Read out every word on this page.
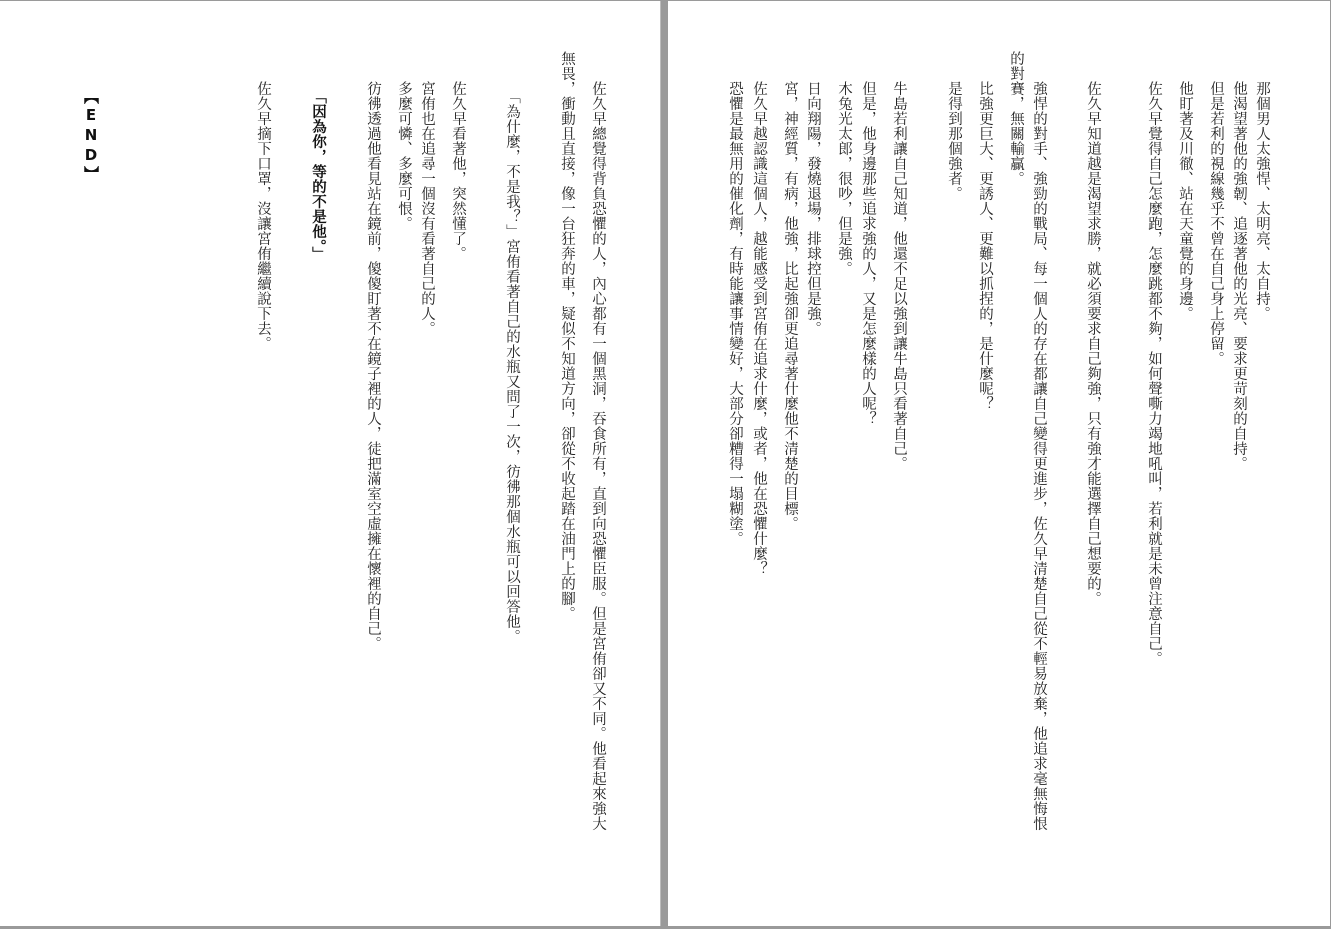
那個男人太強悍、太明亮、太自持。
他渴望著他的強韌、追逐著他的光亮、要求更苛刻的自持。
但是若利的視線幾乎不曾在自己身上停留。
他盯著及川徹、站在天童覺的身邊。
佐久早覺得自己怎麼跑，怎麼跳都不夠，如何聲嘶力竭地吼叫，若利就是未曾注意自己。
佐久早知道越是渴望求勝，就必須要求自己夠強，只有強才能選擇自己想要的。
強悍的對手、強勁的戰局、每一個人的存在都讓自己變得更進步，佐久早清楚自己從不輕易放棄，他追求毫無悔恨
的對賽，無關輸贏。
比強更巨大、更誘人、更難以抓捏的，是什麼呢？
是得到那個強者。
牛島若利讓自己知道，他還不足以強到讓牛島只看著自己。
但是，他身邊那些追求強的人，又是怎麼樣的人呢？
木兔光太郎，很吵，但是強。
日向翔陽，發燒退場，排球控但是強。
宮，神經質，有病，他強，比起強卻更追尋著什麼他不清楚的目標。
佐久早越認識這個人，越能感受到宮侑在追求什麼，或者，他在恐懼什麼？
恐懼是最無用的催化劑，有時能讓事情變好，大部分卻糟得一塌糊塗。
佐久早總覺得背負恐懼的人，內心都有一個黑洞，吞食所有，直到向恐懼臣服。但是宮侑卻又不同。他看起來強大
無畏，衝動且直接，像一台狂奔的車，疑似不知道方向，卻從不收起踏在油門上的腳。
「為什麼，不是我？」宮侑看著自己的水瓶又問了一次，彷彿那個水瓶可以回答他。
佐久早看著他，突然懂了。
宮侑也在追尋一個沒有看著自己的人。
多麼可憐、多麼可恨。
彷彿透過他看見站在鏡前，傻傻盯著不在鏡子裡的人，徒把滿室空虛擁在懷裡的自己。
「因為你，等的不是他。」
佐久早摘下口罩，沒讓宮侑繼續說下去。
【END】
